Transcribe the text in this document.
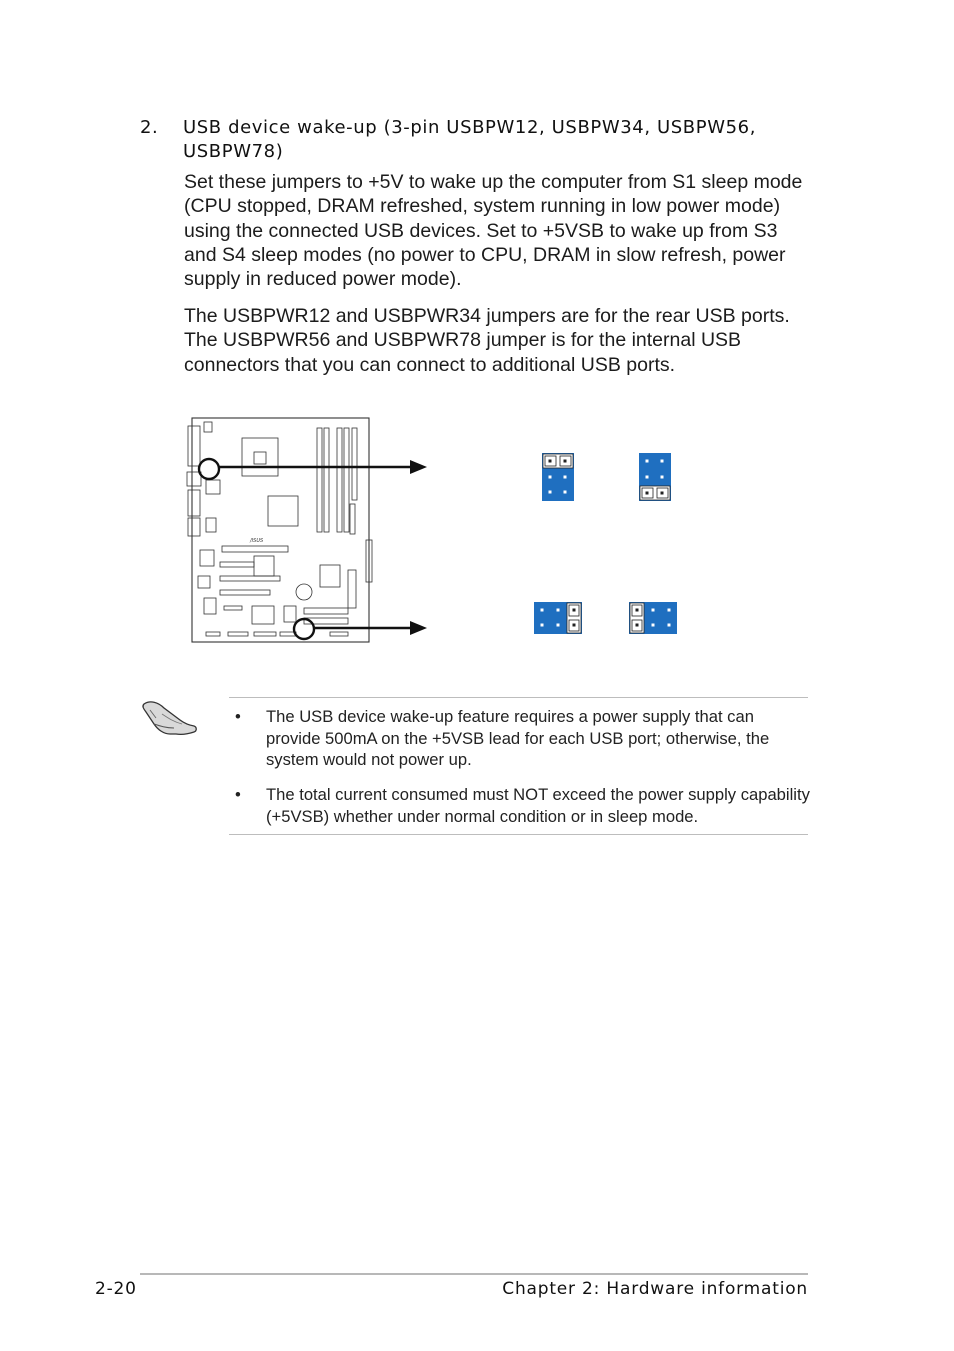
2. USB device wake-up (3-pin USBPW12, USBPW34, USBPW56, USBPW78)

Set these jumpers to +5V to wake up the computer from S1 sleep mode (CPU stopped, DRAM refreshed, system running in low power mode) using the connected USB devices. Set to +5VSB to wake up from S3 and S4 sleep modes (no power to CPU, DRAM in slow refresh, power supply in reduced power mode).

The USBPWR12 and USBPWR34 jumpers are for the rear USB ports. The USBPWR56 and USBPWR78 jumper is for the internal USB connectors that you can connect to additional USB ports.

/ISUS
• The USB device wake-up feature requires a power supply that can provide 500mA on the +5VSB lead for each USB port; otherwise, the system would not power up.
• The total current consumed must NOT exceed the power supply capability (+5VSB) whether under normal condition or in sleep mode.
2-20	Chapter 2: Hardware information
